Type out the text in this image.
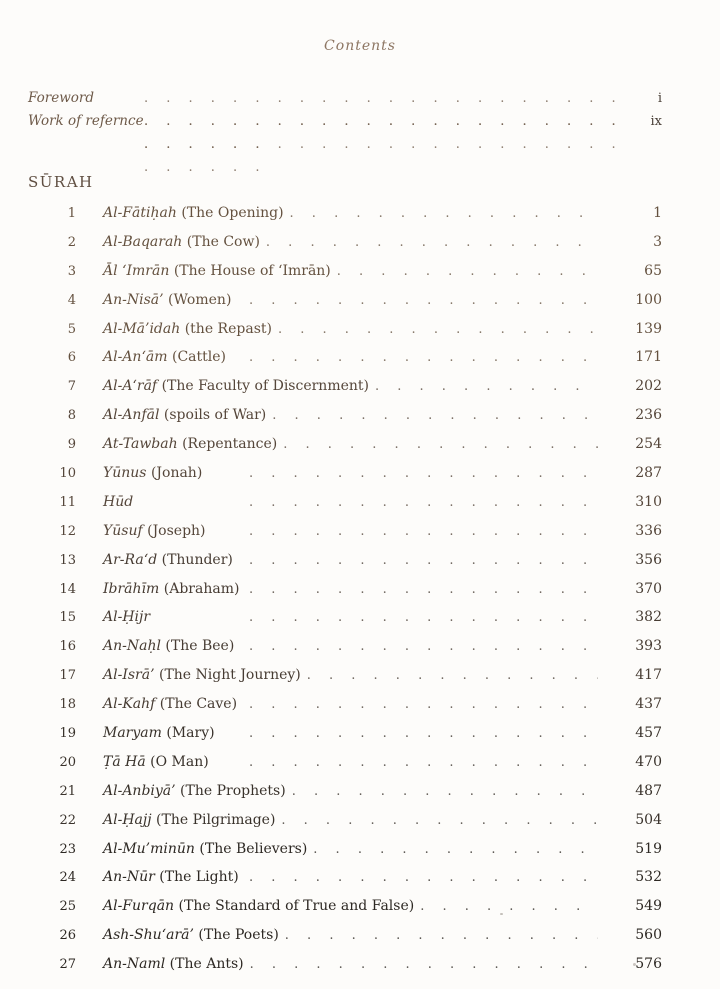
Contents
Foreword . . .	i
Work of refernce . . .	ix
SŪRAH
1 Al-Fātiḥah (The Opening) . . .	1
2 Al-Baqarah (The Cow) . . .	3
3 Āl ‘Imrān (The House of ‘Imrān) . . .	65
4 An-Nisā’ (Women) . . .	100
5 Al-Mā’idah (the Repast) . . .	139
6 Al-An‘ām (Cattle) . . .	171
7 Al-A‘rāf (The Faculty of Discernment) . . .	202
8 Al-Anfāl (spoils of War) . . .	236
9 At-Tawbah (Repentance) . . .	254
10 Yūnus (Jonah) . . .	287
11 Hūd . . .	310
12 Yūsuf (Joseph) . . .	336
13 Ar-Ra‘d (Thunder) . . .	356
14 Ibrāhīm (Abraham) . . .	370
15 Al-Ḥijr . . .	382
16 An-Naḥl (The Bee) . . .	393
17 Al-Isrā’ (The Night Journey) . . .	417
18 Al-Kahf (The Cave) . . .	437
19 Maryam (Mary) . . .	457
20 Ṭā Hā (O Man) . . .	470
21 Al-Anbiyā’ (The Prophets) . . .	487
22 Al-Ḥajj (The Pilgrimage) . . .	504
23 Al-Mu’minūn (The Believers) . . .	519
24 An-Nūr (The Light) . . .	532
25 Al-Furqān (The Standard of True and False) . . .	549
26 Ash-Shu‘arā’ (The Poets) . . .	560
27 An-Naml (The Ants) . . .	576
